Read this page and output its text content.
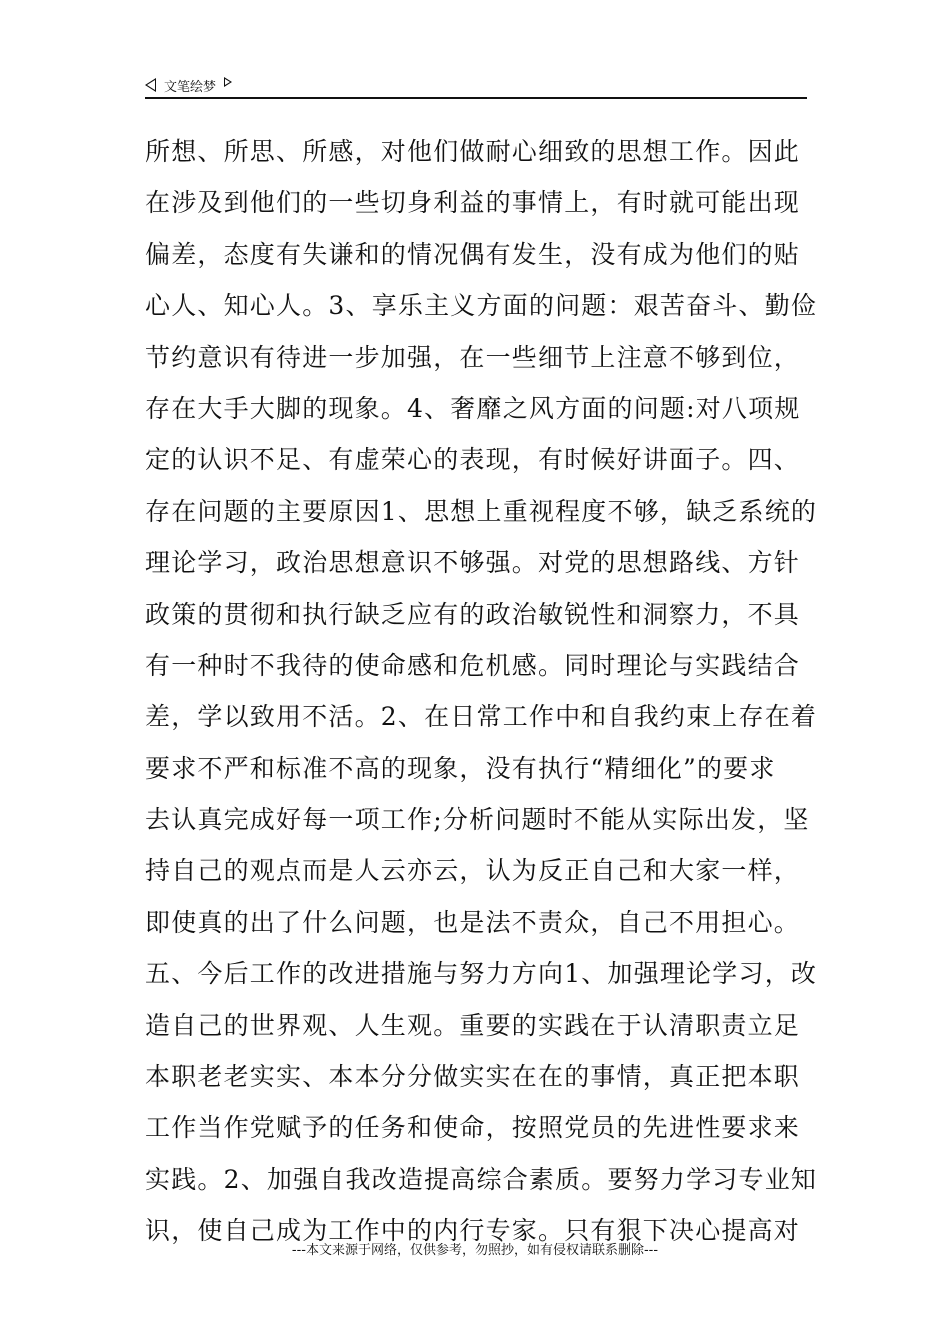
文笔绘梦
所想、所思、所感，对他们做耐心细致的思想工作。因此
在涉及到他们的一些切身利益的事情上，有时就可能出现
偏差，态度有失谦和的情况偶有发生，没有成为他们的贴
心人、知心人。3、享乐主义方面的问题：艰苦奋斗、勤俭
节约意识有待进一步加强，在一些细节上注意不够到位，
存在大手大脚的现象。4、奢靡之风方面的问题:对八项规
定的认识不足、有虚荣心的表现，有时候好讲面子。四、
存在问题的主要原因1、思想上重视程度不够，缺乏系统的
理论学习，政治思想意识不够强。对党的思想路线、方针
政策的贯彻和执行缺乏应有的政治敏锐性和洞察力，不具
有一种时不我待的使命感和危机感。同时理论与实践结合
差，学以致用不活。2、在日常工作中和自我约束上存在着
要求不严和标准不高的现象，没有执行“精细化”的要求
去认真完成好每一项工作;分析问题时不能从实际出发，坚
持自己的观点而是人云亦云，认为反正自己和大家一样，
即使真的出了什么问题，也是法不责众，自己不用担心。
五、今后工作的改进措施与努力方向1、加强理论学习，改
造自己的世界观、人生观。重要的实践在于认清职责立足
本职老老实实、本本分分做实实在在的事情，真正把本职
工作当作党赋予的任务和使命，按照党员的先进性要求来
实践。2、加强自我改造提高综合素质。要努力学习专业知
识，使自己成为工作中的内行专家。只有狠下决心提高对
---本文来源于网络，仅供参考，勿照抄，如有侵权请联系删除---
